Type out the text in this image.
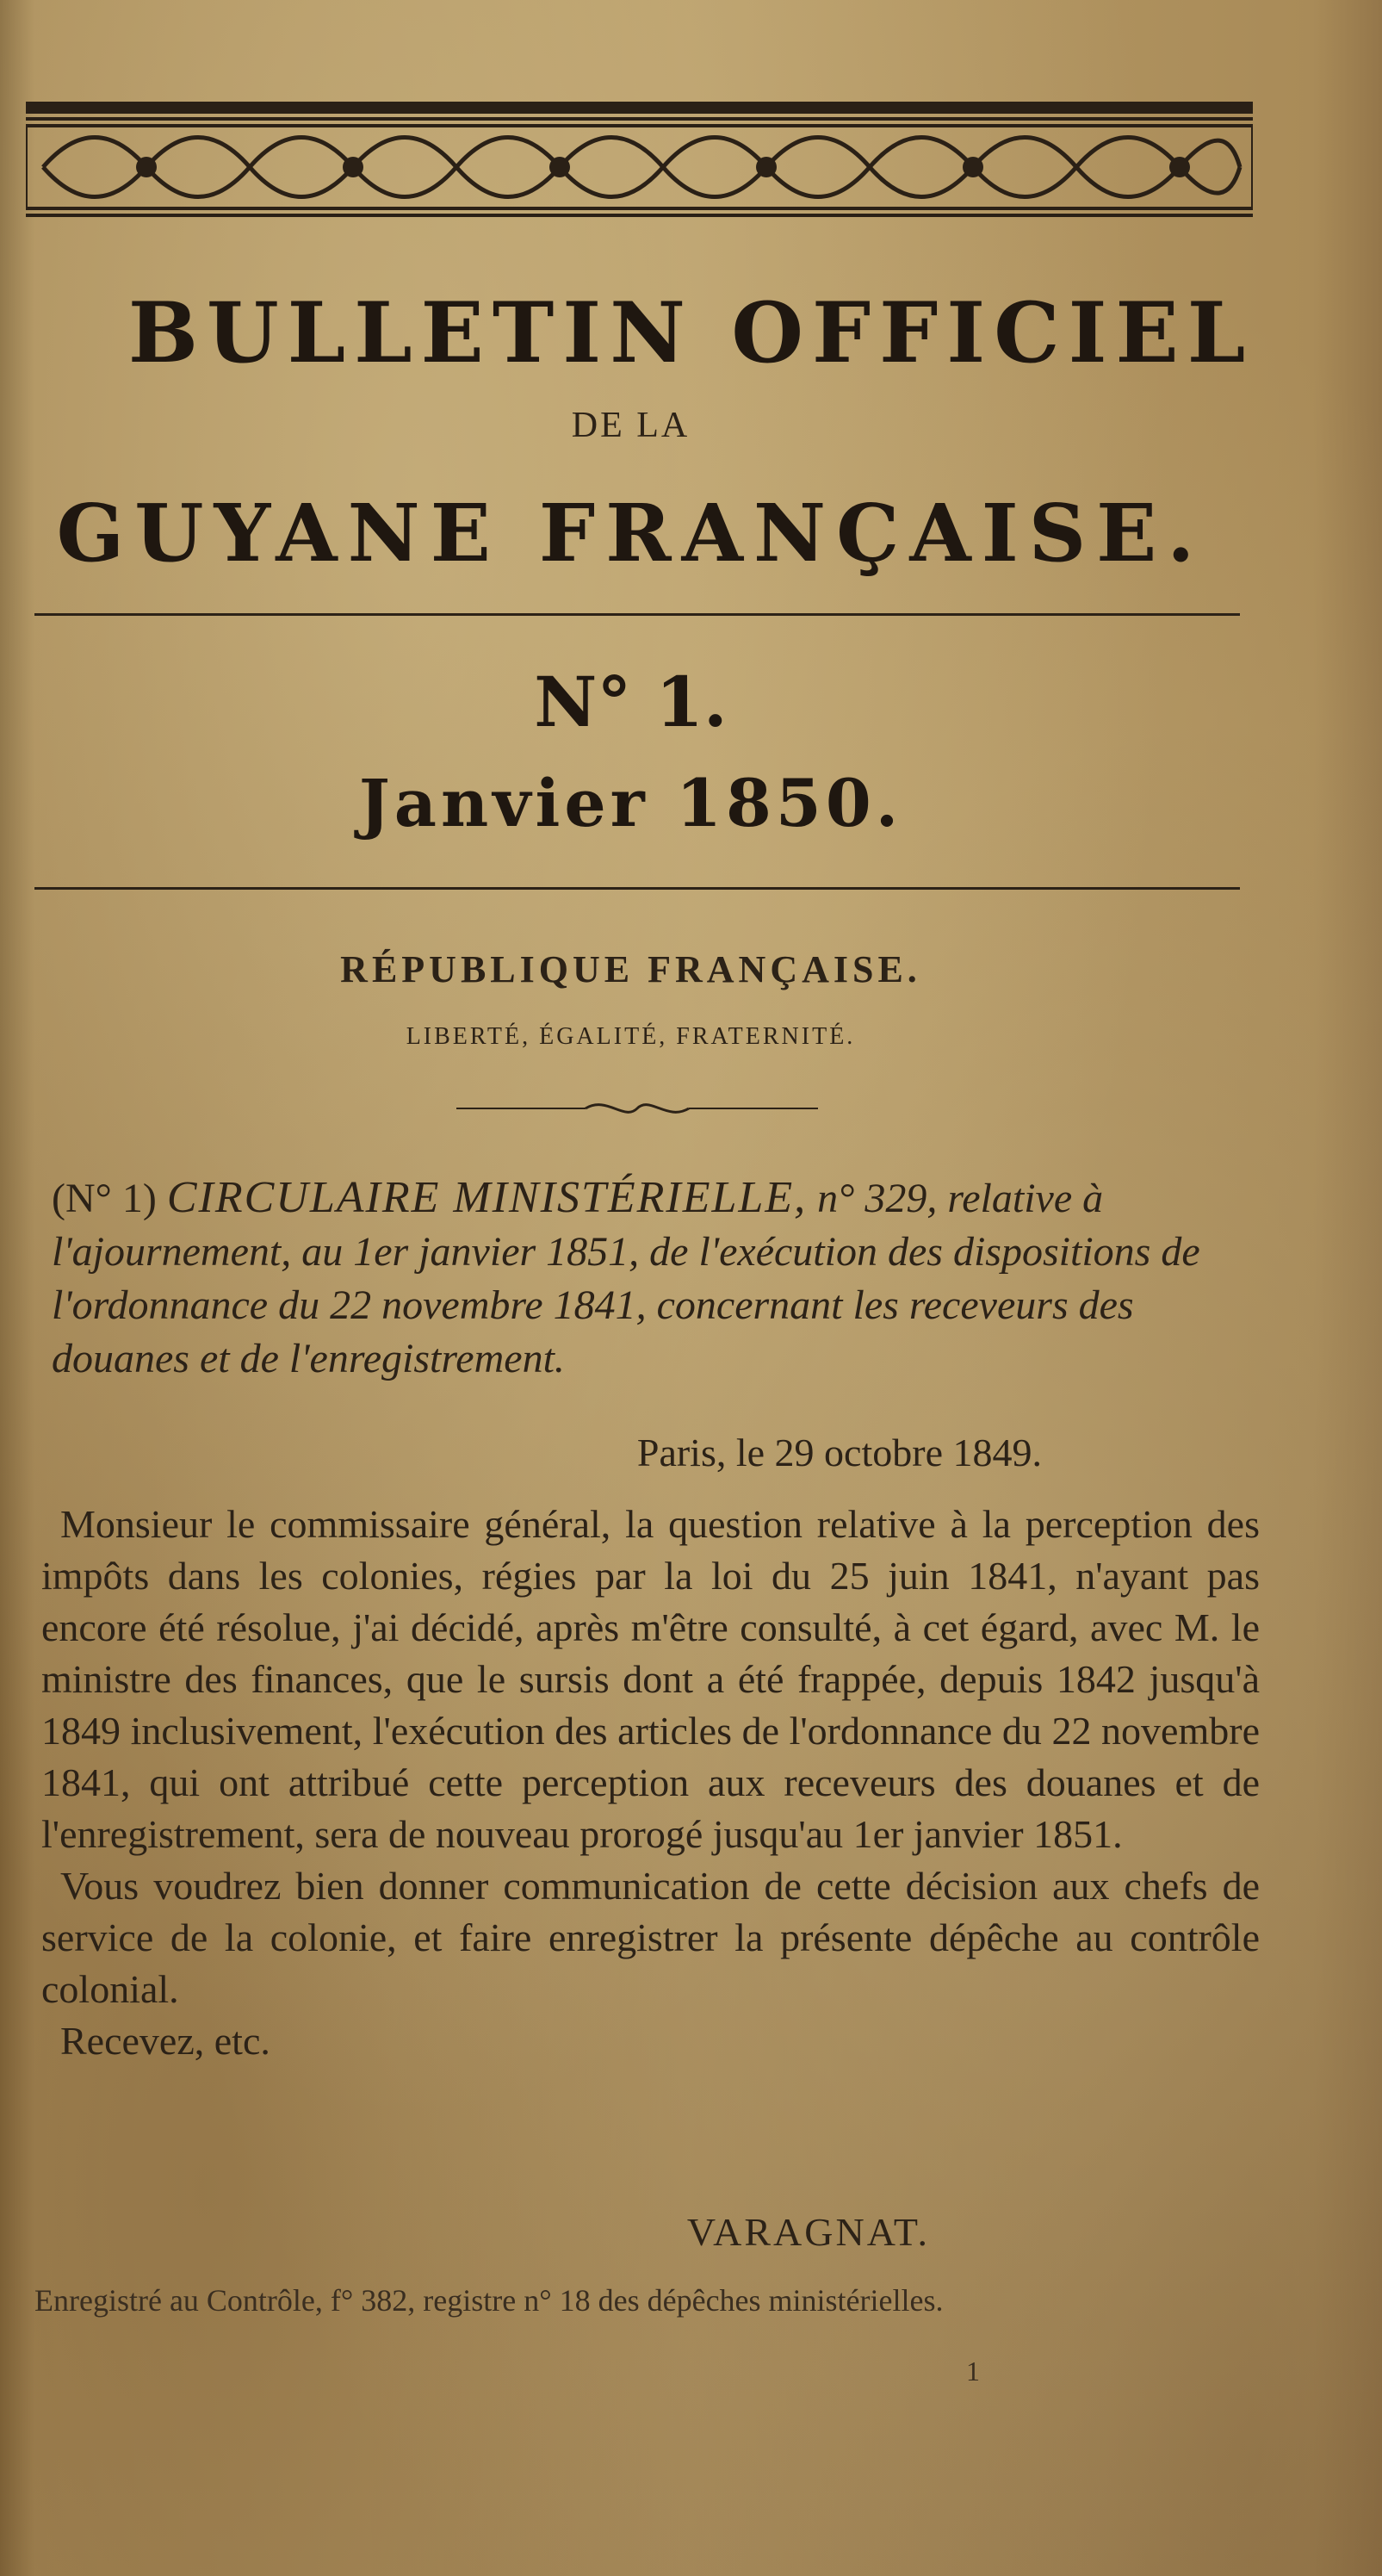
BULLETIN OFFICIEL
DE LA
GUYANE FRANÇAISE.
N° 1.
Janvier 1850.
RÉPUBLIQUE FRANÇAISE.
LIBERTÉ, ÉGALITÉ, FRATERNITÉ.
(N° 1) CIRCULAIRE MINISTÉRIELLE, n° 329, relative à l'ajournement, au 1er janvier 1851, de l'exécution des dispositions de l'ordonnance du 22 novembre 1841, concernant les receveurs des douanes et de l'enregistrement.
Paris, le 29 octobre 1849.

Monsieur le commissaire général, la question relative à la perception des impôts dans les colonies, régies par la loi du 25 juin 1841, n'ayant pas encore été résolue, j'ai décidé, après m'être consulté, à cet égard, avec M. le ministre des finances, que le sursis dont a été frappée, depuis 1842 jusqu'à 1849 inclusivement, l'exécution des articles de l'ordonnance du 22 novembre 1841, qui ont attribué cette perception aux receveurs des douanes et de l'enregistrement, sera de nouveau prorogé jusqu'au 1er janvier 1851.

Vous voudrez bien donner communication de cette décision aux chefs de service de la colonie, et faire enregistrer la présente dépêche au contrôle colonial.

Recevez, etc.

VARAGNAT.
Enregistré au Contrôle, f° 382, registre n° 18 des dépêches ministérielles.
1
